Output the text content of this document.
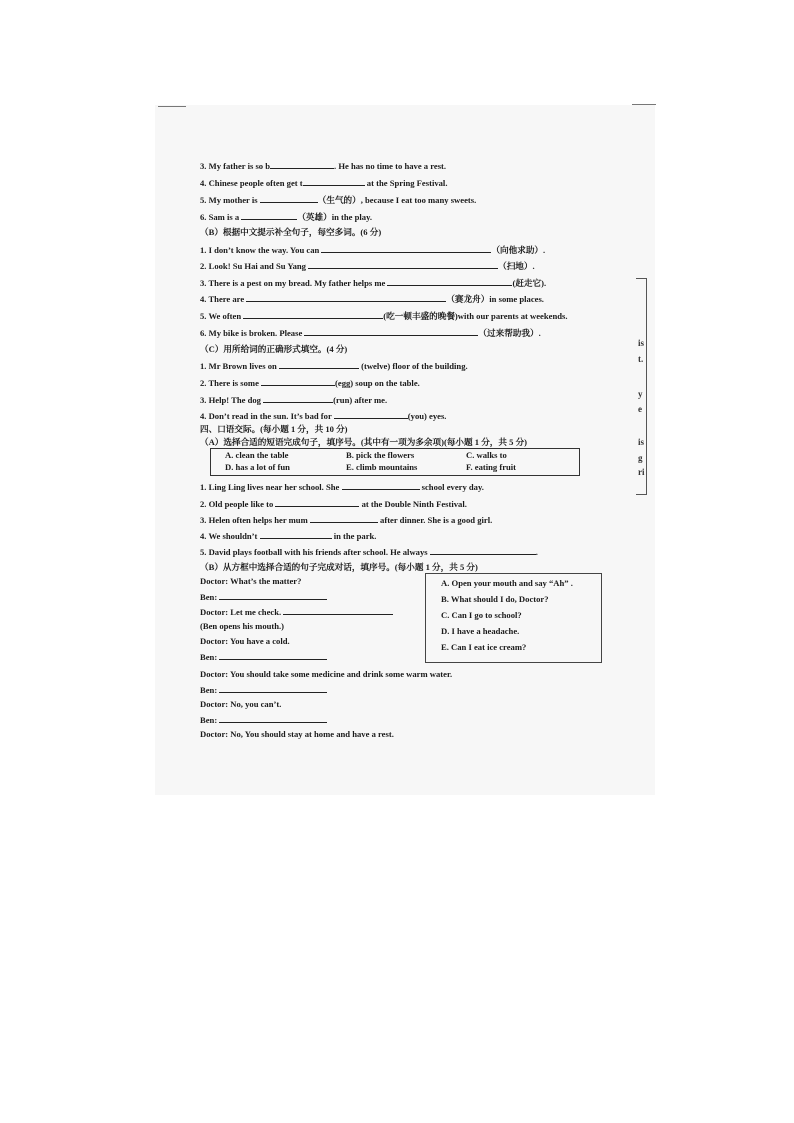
is
t.
y
e
is
g
ri
3. My father is so b	. He has no time to have a rest.
4. Chinese people often get t	at the Spring Festival.
5. My mother is	（生气的）, because I eat too many sweets.
6. Sam is a	（英雄）in the play.
（B）根据中文提示补全句子，每空多词。(6 分)
1. I don’t know the way. You can	（向他求助）.
2. Look! Su Hai and Su Yang	（扫地）.
3. There is a pest on my bread. My father helps me	(赶走它).
4. There are	（赛龙舟）in some places.
5. We often	(吃一顿丰盛的晚餐)with our parents at weekends.
6. My bike is broken. Please	（过来帮助我）.
（C）用所给词的正确形式填空。(4 分)
1. Mr Brown lives on	(twelve) floor of the building.
2. There is some	(egg) soup on the table.
3. Help! The dog	(run) after me.
4. Don’t read in the sun. It’s bad for	(you) eyes.
四、口语交际。(每小题 1 分，共 10 分)
（A）选择合适的短语完成句子，填序号。(其中有一项为多余项)(每小题 1 分，共 5 分)
A. clean the table	B. pick the flowers	C. walks to
D. has a lot of fun	E. climb mountains	F. eating fruit
1. Ling Ling lives near her school. She	school every day.
2. Old people like to	at the Double Ninth Festival.
3. Helen often helps her mum	after dinner. She is a good girl.
4. We shouldn’t	in the park.
5. David plays football with his friends after school. He always	.
（B）从方框中选择合适的句子完成对话，填序号。(每小题 1 分，共 5 分)
Doctor: What’s the matter?
Ben:
Doctor: Let me check.
(Ben opens his mouth.)
Doctor: You have a cold.
Ben:
Doctor: You should take some medicine and drink some warm water.
Ben:
Doctor: No, you can’t.
Ben:
Doctor: No, You should stay at home and have a rest.
A. Open your mouth and say “Ah” .
B. What should I do, Doctor?
C. Can I go to school?
D. I have a headache.
E. Can I eat ice cream?
